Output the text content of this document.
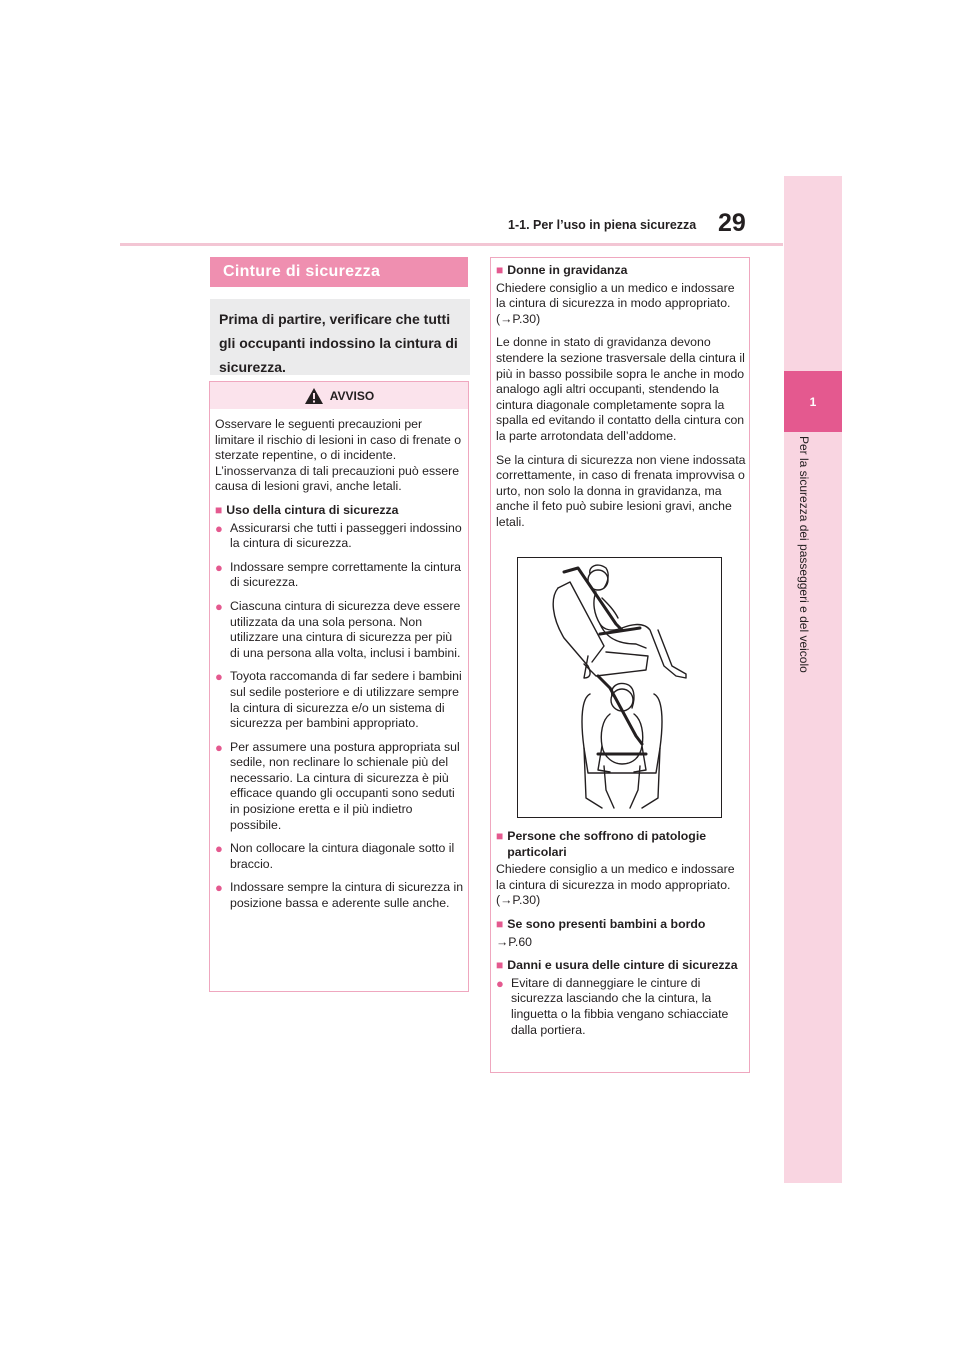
1-1. Per l’uso in piena sicurezza 29
1
Per la sicurezza dei passeggeri e del veicolo
Cinture di sicurezza
Prima di partire, verificare che tutti gli occupanti indossino la cintura di sicurezza.
AVVISO

Osservare le seguenti precauzioni per limitare il rischio di lesioni in caso di frenate o sterzate repentine, o di incidente. L’inosservanza di tali precauzioni può essere causa di lesioni gravi, anche letali.

■ Uso della cintura di sicurezza
● Assicurarsi che tutti i passeggeri indossino la cintura di sicurezza.
● Indossare sempre correttamente la cintura di sicurezza.
● Ciascuna cintura di sicurezza deve essere utilizzata da una sola persona. Non utilizzare una cintura di sicurezza per più di una persona alla volta, inclusi i bambini.
● Toyota raccomanda di far sedere i bambini sul sedile posteriore e di utilizzare sempre la cintura di sicurezza e/o un sistema di sicurezza per bambini appropriato.
● Per assumere una postura appropriata sul sedile, non reclinare lo schienale più del necessario. La cintura di sicurezza è più efficace quando gli occupanti sono seduti in posizione eretta e il più indietro possibile.
● Non collocare la cintura diagonale sotto il braccio.
● Indossare sempre la cintura di sicurezza in posizione bassa e aderente sulle anche.
■ Donne in gravidanza

Chiedere consiglio a un medico e indossare la cintura di sicurezza in modo appropriato. (→P.30)

Le donne in stato di gravidanza devono stendere la sezione trasversale della cintura il più in basso possibile sopra le anche in modo analogo agli altri occupanti, stendendo la cintura diagonale completamente sopra la spalla ed evitando il contatto della cintura con la parte arrotondata dell’addome.

Se la cintura di sicurezza non viene indossata correttamente, in caso di frenata improvvisa o urto, non solo la donna in gravidanza, ma anche il feto può subire lesioni gravi, anche letali.

■ Persone che soffrono di patologie particolari

Chiedere consiglio a un medico e indossare la cintura di sicurezza in modo appropriato. (→P.30)

■ Se sono presenti bambini a bordo

→P.60

■ Danni e usura delle cinture di sicurezza
● Evitare di danneggiare le cinture di sicurezza lasciando che la cintura, la linguetta o la fibbia vengano schiacciate dalla portiera.
